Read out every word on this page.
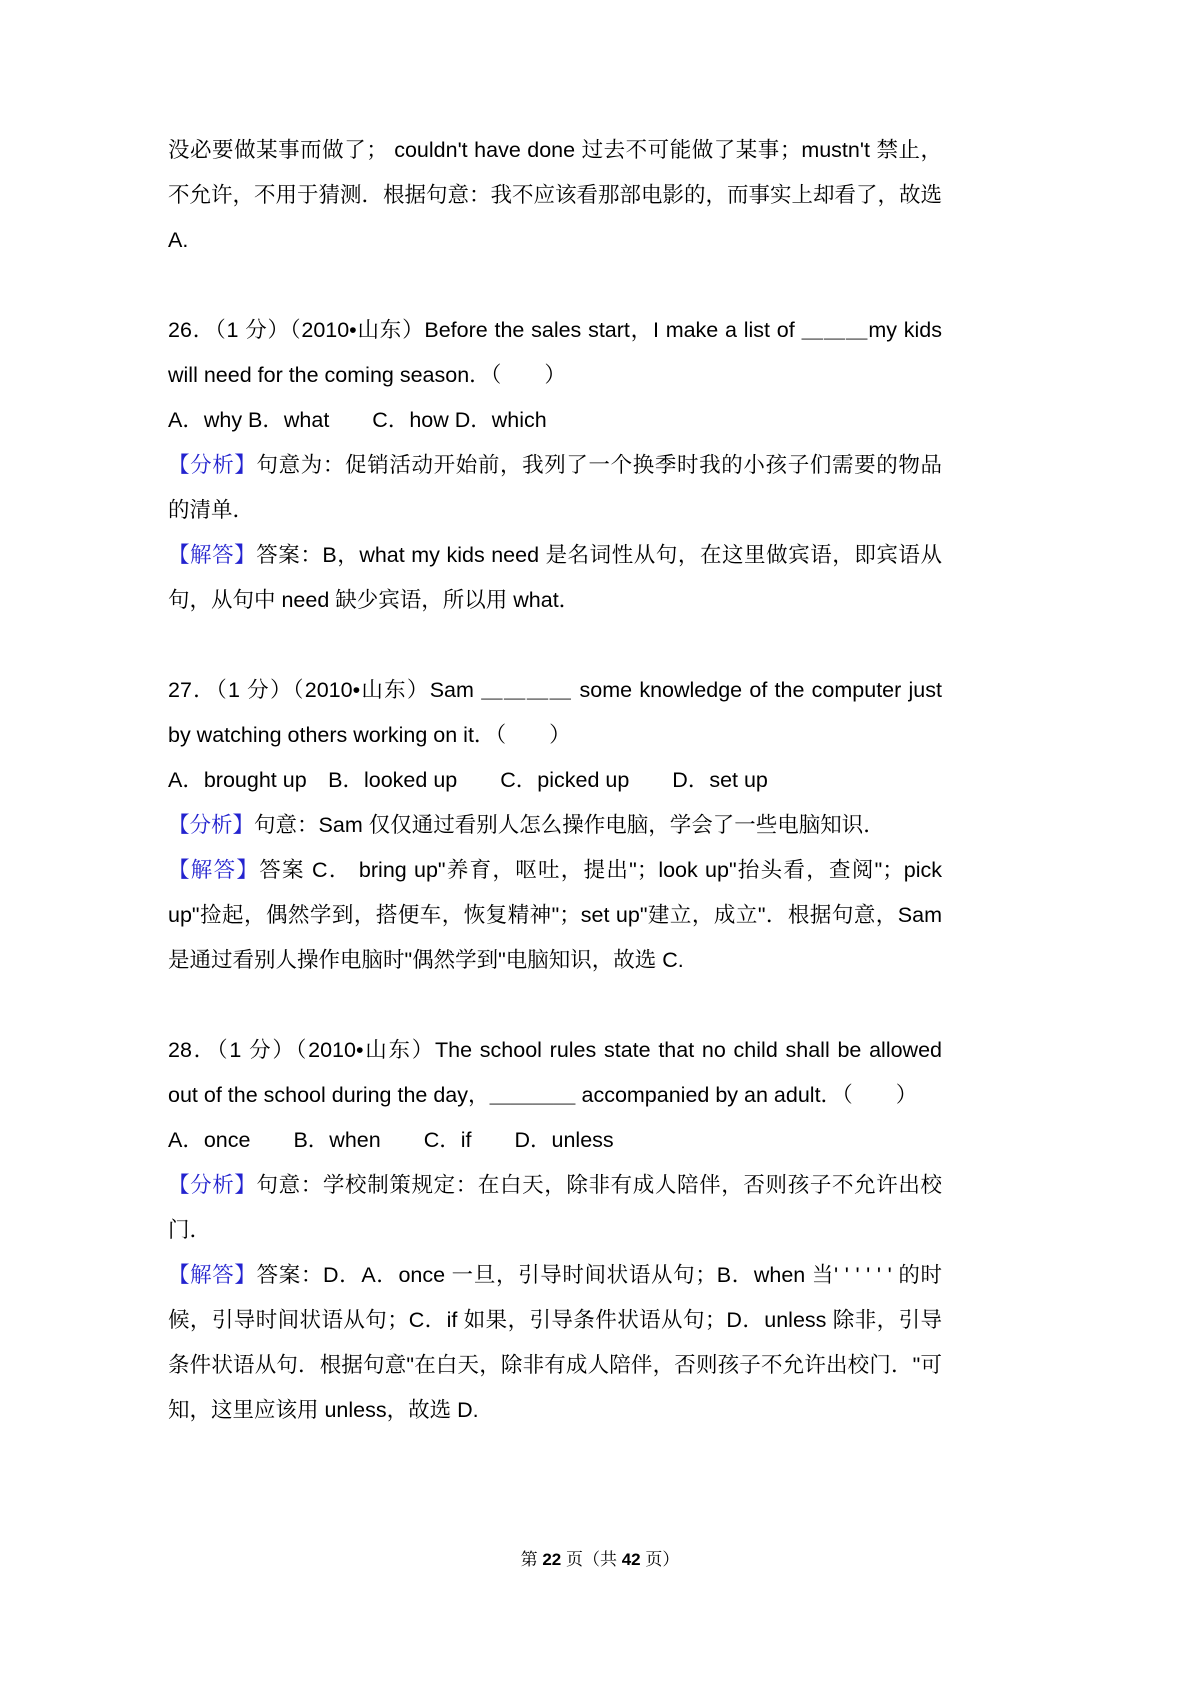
没必要做某事而做了； couldn't have done 过去不可能做了某事；mustn't 禁止，不允许，不用于猜测．根据句意：我不应该看那部电影的，而事实上却看了，故选 A.

26．（1 分）（2010•山东）Before the sales start，I make a list of ＿＿＿my kids will need for the coming season．（　　）

A．why B．what　　C．how D．which

【分析】句意为：促销活动开始前，我列了一个换季时我的小孩子们需要的物品的清单．

【解答】答案：B，what my kids need 是名词性从句，在这里做宾语，即宾语从句，从句中 need 缺少宾语，所以用 what．

27．（1 分）（2010•山东）Sam ＿＿＿＿ some knowledge of the computer just by watching others working on it．（　　）

A．brought up　B．looked up　　C．picked up　　D．set up

【分析】句意：Sam 仅仅通过看别人怎么操作电脑，学会了一些电脑知识．

【解答】答案 C． bring up"养育，呕吐，提出"；look up"抬头看，查阅"；pick up"捡起，偶然学到，搭便车，恢复精神"；set up"建立，成立"．根据句意，Sam 是通过看别人操作电脑时"偶然学到"电脑知识，故选 C.

28．（1 分）（2010•山东）The school rules state that no child shall be allowed out of the school during the day，＿＿＿＿ accompanied by an adult．（　　）

A．once　　B．when　　C．if　　D．unless

【分析】句意：学校制策规定：在白天，除非有成人陪伴，否则孩子不允许出校门．

【解答】答案：D．A．once 一旦，引导时间状语从句；B．when 当' ' ' ' ' ' 的时候，引导时间状语从句；C．if 如果，引导条件状语从句；D．unless 除非，引导条件状语从句．根据句意"在白天，除非有成人陪伴，否则孩子不允许出校门．"可知，这里应该用 unless，故选 D.

第 22 页（共 42 页）
